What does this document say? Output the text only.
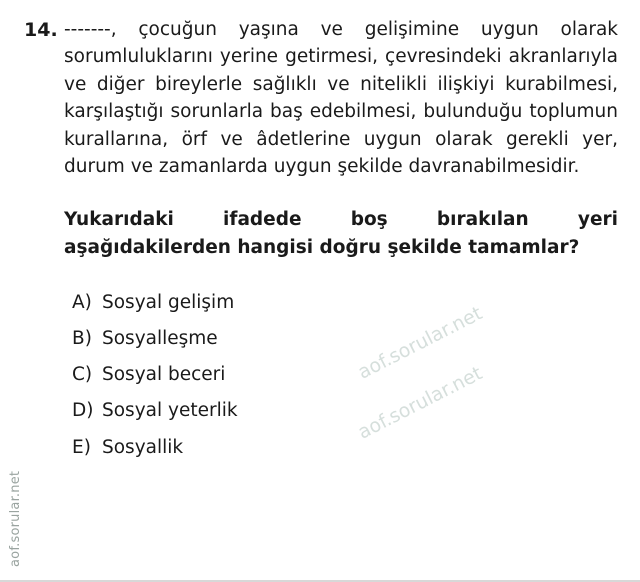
aof.sorular.net
aof.sorular.net
aof.sorular.net
14. -------, çocuğun yaşına ve gelişimine uygun olarak sorumluluklarını yerine getirmesi, çevresindeki akranlarıyla ve diğer bireylerle sağlıklı ve nitelikli ilişkiyi kurabilmesi, karşılaştığı sorunlarla baş edebilmesi, bulunduğu toplumun kurallarına, örf ve âdetlerine uygun olarak gerekli yer, durum ve zamanlarda uygun şekilde davranabilmesidir.

Yukarıdaki ifadede boş bırakılan yeri aşağıdakilerden hangisi doğru şekilde tamamlar?

A) Sosyal gelişim
B) Sosyalleşme
C) Sosyal beceri
D) Sosyal yeterlik
E) Sosyallik
